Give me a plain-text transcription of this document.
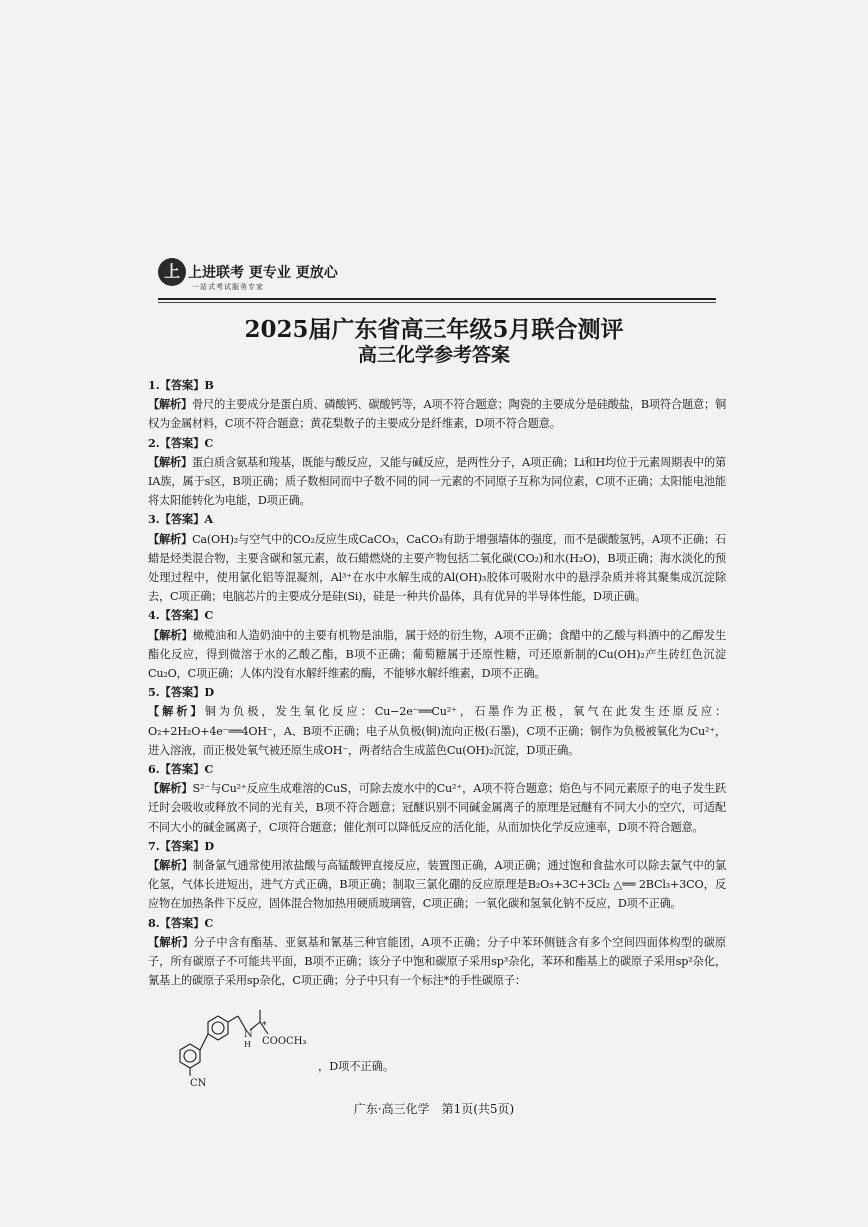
上 上进联考 更专业 更放心
一站式考试服务专家
2025届广东省高三年级5月联合测评
高三化学参考答案

1.【答案】B

【解析】骨尺的主要成分是蛋白质、磷酸钙、碳酸钙等，A项不符合题意；陶瓷的主要成分是硅酸盐，B项符合题意；铜权为金属材料，C项不符合题意；黄花梨数子的主要成分是纤维素，D项不符合题意。

2.【答案】C

【解析】蛋白质含氨基和羧基，既能与酸反应，又能与碱反应，是两性分子，A项正确；Li和H均位于元素周期表中的第ⅠA族，属于s区，B项正确；质子数相同而中子数不同的同一元素的不同原子互称为同位素，C项不正确；太阳能电池能将太阳能转化为电能，D项正确。

3.【答案】A

【解析】Ca(OH)₂与空气中的CO₂反应生成CaCO₃，CaCO₃有助于增强墙体的强度，而不是碳酸氢钙，A项不正确；石蜡是烃类混合物，主要含碳和氢元素，故石蜡燃烧的主要产物包括二氧化碳(CO₂)和水(H₂O)，B项正确；海水淡化的预处理过程中，使用氯化铝等混凝剂，Al³⁺在水中水解生成的Al(OH)₃胶体可吸附水中的悬浮杂质并将其聚集成沉淀除去，C项正确；电脑芯片的主要成分是硅(Si)，硅是一种共价晶体，具有优异的半导体性能，D项正确。

4.【答案】C

【解析】橄榄油和人造奶油中的主要有机物是油脂，属于烃的衍生物，A项不正确；食醋中的乙酸与料酒中的乙醇发生酯化反应，得到微溶于水的乙酸乙酯，B项不正确；葡萄糖属于还原性糖，可还原新制的Cu(OH)₂产生砖红色沉淀Cu₂O，C项正确；人体内没有水解纤维素的酶，不能够水解纤维素，D项不正确。

5.【答案】D

【解析】铜为负极，发生氧化反应：Cu−2e⁻══Cu²⁺，石墨作为正极，氧气在此发生还原反应：O₂+2H₂O+4e⁻══4OH⁻，A、B项不正确；电子从负极(铜)流向正极(石墨)，C项不正确；铜作为负极被氧化为Cu²⁺，进入溶液，而正极处氧气被还原生成OH⁻，两者结合生成蓝色Cu(OH)₂沉淀，D项正确。

6.【答案】C

【解析】S²⁻与Cu²⁺反应生成难溶的CuS，可除去废水中的Cu²⁺，A项不符合题意；焰色与不同元素原子的电子发生跃迁时会吸收或释放不同的光有关，B项不符合题意；冠醚识别不同碱金属离子的原理是冠醚有不同大小的空穴，可适配不同大小的碱金属离子，C项符合题意；催化剂可以降低反应的活化能，从而加快化学反应速率，D项不符合题意。

7.【答案】D

【解析】制备氯气通常使用浓盐酸与高锰酸钾直接反应，装置图正确，A项正确；通过饱和食盐水可以除去氯气中的氯化氢，气体长进短出，进气方式正确，B项正确；制取三氯化硼的反应原理是B₂O₃+3C+3Cl₂ △══ 2BCl₃+3CO，反应物在加热条件下反应，固体混合物加热用硬质玻璃管，C项正确；一氧化碳和氢氧化钠不反应，D项不正确。

8.【答案】C

【解析】分子中含有酯基、亚氨基和氰基三种官能团，A项不正确；分子中苯环侧链含有多个空间四面体构型的碳原子，所有碳原子不可能共平面，B项不正确；该分子中饱和碳原子采用sp³杂化，苯环和酯基上的碳原子采用sp²杂化，氰基上的碳原子采用sp杂化，C项正确；分子中只有一个标注*的手性碳原子：

N
H
*
COOCH₃
CN
，D项不正确。
广东·高三化学　第1页(共5页)
